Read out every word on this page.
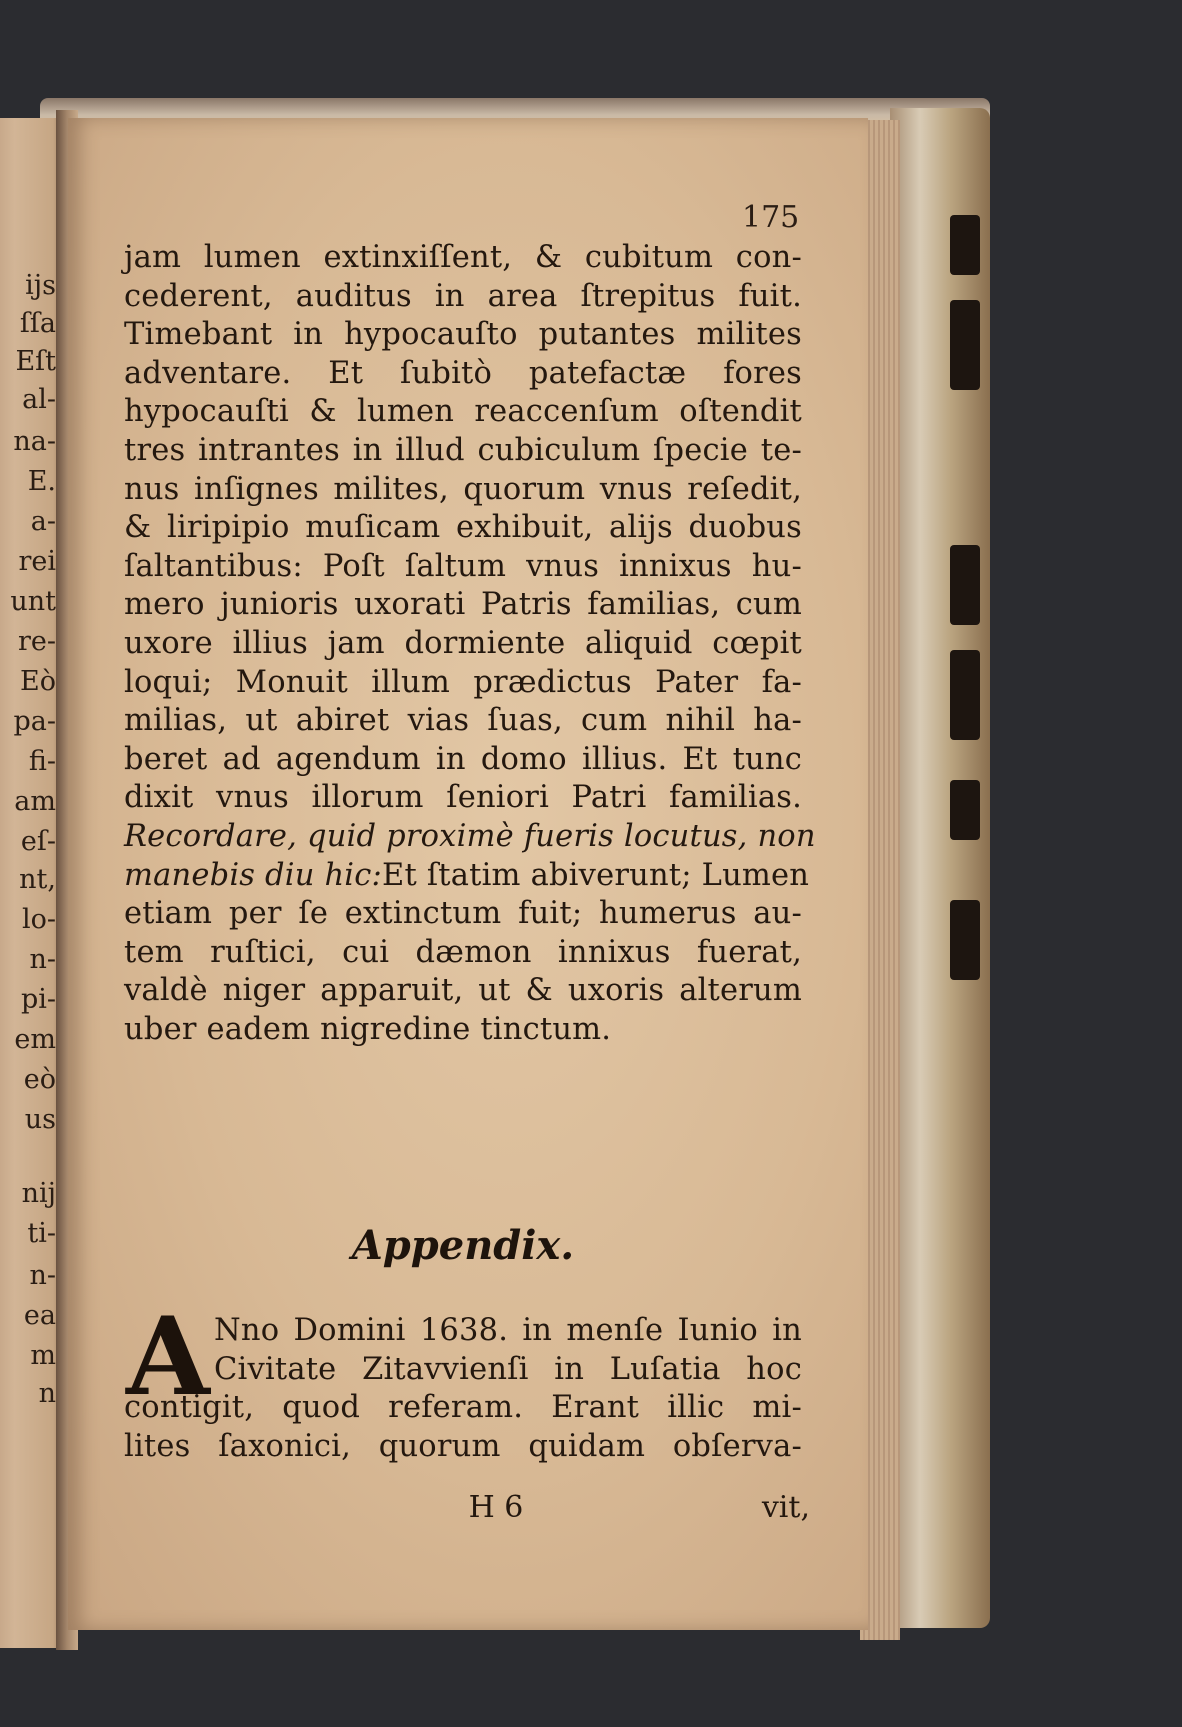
ijs
ſſa
Eſt
al-
na-
E.
a-
rei
unt
re-
Eò
pa-
fi-
am
eſ-
nt,
lo-
n-
pi-
em
eò
us
nij
ti-
n-
ea
m
n
175
jam lumen extinxiſſent, & cubitum con-
cederent, auditus in area ſtrepitus fuit.
Timebant in hypocauſto putantes milites
adventare. Et ſubitò patefactæ fores
hypocauſti & lumen reaccenſum oſtendit
tres intrantes in illud cubiculum ſpecie te-
nus inſignes milites, quorum vnus reſedit,
& liripipio muſicam exhibuit, alijs duobus
ſaltantibus: Poſt ſaltum vnus innixus hu-
mero junioris uxorati Patris familias, cum
uxore illius jam dormiente aliquid cœpit
loqui; Monuit illum prædictus Pater fa-
milias, ut abiret vias ſuas, cum nihil ha-
beret ad agendum in domo illius. Et tunc
dixit vnus illorum ſeniori Patri familias.
Recordare, quid proximè fueris locutus, non
manebis diu hic:Et ſtatim abiverunt; Lumen
etiam per ſe extinctum fuit; humerus au-
tem ruſtici, cui dæmon innixus fuerat,
valdè niger apparuit, ut & uxoris alterum
uber eadem nigredine tinctum.
Nno Domini 1638. in menſe Iunio in
Civitate Zitavvienſi in Luſatia hoc
contigit, quod referam. Erant illic mi-
lites ſaxonici, quorum quidam obſerva-
Appendix.
A
H 6	vit,
